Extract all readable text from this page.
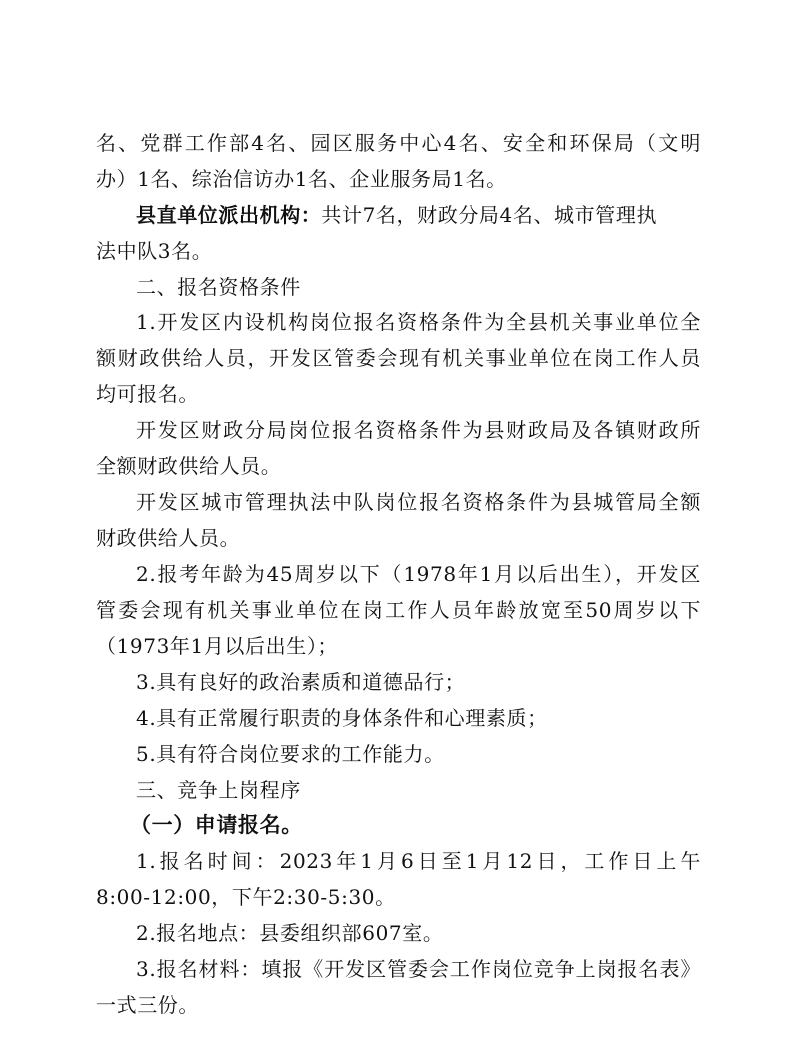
名、党群工作部4名、园区服务中心4名、安全和环保局（文明
办）1名、综治信访办1名、企业服务局1名。
县直单位派出机构：共计7名，财政分局4名、城市管理执
法中队3名。
二、报名资格条件
1.开发区内设机构岗位报名资格条件为全县机关事业单位全
额财政供给人员，开发区管委会现有机关事业单位在岗工作人员
均可报名。
开发区财政分局岗位报名资格条件为县财政局及各镇财政所
全额财政供给人员。
开发区城市管理执法中队岗位报名资格条件为县城管局全额
财政供给人员。
2.报考年龄为45周岁以下（1978年1月以后出生），开发区
管委会现有机关事业单位在岗工作人员年龄放宽至50周岁以下
（1973年1月以后出生）；
3.具有良好的政治素质和道德品行；
4.具有正常履行职责的身体条件和心理素质；
5.具有符合岗位要求的工作能力。
三、竞争上岗程序
（一）申请报名。
1.报名时间：2023年1月6日至1月12日，工作日上午
8:00-12:00，下午2:30-5:30。
2.报名地点：县委组织部607室。
3.报名材料：填报《开发区管委会工作岗位竞争上岗报名表》
一式三份。
